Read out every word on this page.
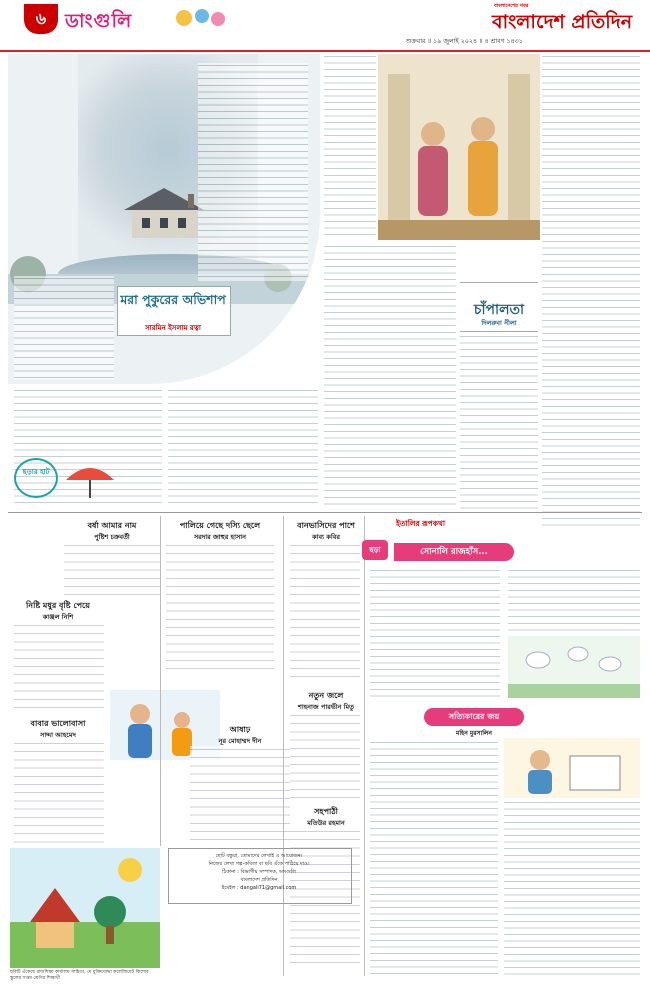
৬ ডাংগুলি
বাংলাদেশের খবর
বাংলাদেশ প্রতিদিন
শুক্রবার ॥ ১৯ জুলাই ২০২৪ ॥ ৪ শ্রাবণ ১৪৩১
মরা পুকুরের অভিশাপ
সারমিন ইসলাম রত্না
চাঁপালতা
দিলরুবা নীলা
ছড়ার হাট
বর্ষা আমার নাম
পুষ্টিশ চক্রবর্তী
নিষ্টি মধুর বৃষ্টি পেয়ে
কাঞ্জল নিশি
বাবার ভালোবাসা
সাদ্দা আহমেদ
পালিয়ে গেছে দস্যি ছেলে
সরদার জাহুর হাসান
আষাঢ়
নূর মোহাম্মদ দীন
বানভাসিদের পাশে
কাব্য কবির
নতুন জলে
শাহনাজ পারভীন মিতু
সহপাঠী
মতিউর রহমান
ইতালির রূপকথা
ছড়া	সোনালি রাজহাঁস...
সত্যিকারের জয়
মহিন মুরসালিন
ছোট বন্ধুরা, তোমাদের লেখাই এ আয়োজন।
নিজের লেখা গল্প-কবিতা বা ছবি এঁকে পাঠিয়ে দাও।
ঠিকানা : বিভাগীয় সম্পাদক, ডাংগুলি
বাংলাদেশ প্রতিদিন
ইমেইল : dangali71@gmail.com
ছবিটি এঁকেছে রাজশিক্ষা কার্যালয় সাহিত্য, যে মুক্তিযোদ্ধা কলেজিয়েট কিশোর স্কুলের সপ্তম শ্রেণির শিক্ষার্থী
